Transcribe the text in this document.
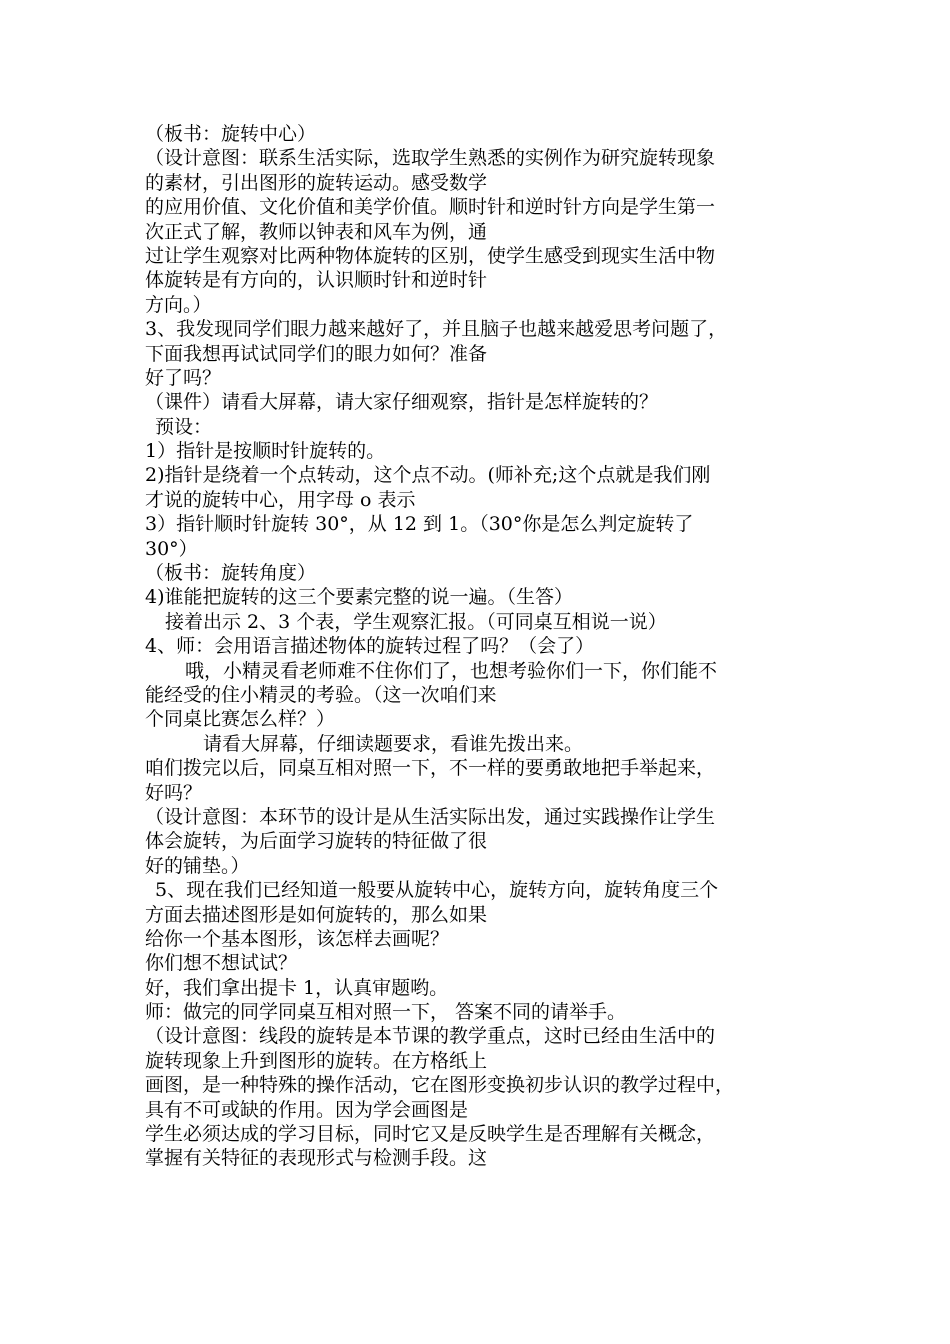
（板书：旋转中心）
（设计意图：联系生活实际，选取学生熟悉的实例作为研究旋转现象
的素材，引出图形的旋转运动。感受数学
的应用价值、文化价值和美学价值。顺时针和逆时针方向是学生第一
次正式了解，教师以钟表和风车为例，通
过让学生观察对比两种物体旋转的区别，使学生感受到现实生活中物
体旋转是有方向的，认识顺时针和逆时针
方向。）
3、我发现同学们眼力越来越好了，并且脑子也越来越爱思考问题了，
下面我想再试试同学们的眼力如何？准备
好了吗？
（课件）请看大屏幕，请大家仔细观察，指针是怎样旋转的？
预设：
1）指针是按顺时针旋转的。
2)指针是绕着一个点转动，这个点不动。(师补充;这个点就是我们刚
才说的旋转中心，用字母 o 表示
3）指针顺时针旋转 30°，从 12 到 1。（30°你是怎么判定旋转了
30°）
（板书：旋转角度）
4)谁能把旋转的这三个要素完整的说一遍。（生答）
接着出示 2、3 个表，学生观察汇报。（可同桌互相说一说）
4、师：会用语言描述物体的旋转过程了吗？（会了）
哦，小精灵看老师难不住你们了，也想考验你们一下，你们能不
能经受的住小精灵的考验。（这一次咱们来
个同桌比赛怎么样？）
请看大屏幕，仔细读题要求，看谁先拨出来。
咱们拨完以后，同桌互相对照一下，不一样的要勇敢地把手举起来，
好吗？
（设计意图：本环节的设计是从生活实际出发，通过实践操作让学生
体会旋转，为后面学习旋转的特征做了很
好的铺垫。）
5、现在我们已经知道一般要从旋转中心，旋转方向，旋转角度三个
方面去描述图形是如何旋转的，那么如果
给你一个基本图形，该怎样去画呢？
你们想不想试试？
好，我们拿出提卡 1，认真审题哟。
师：做完的同学同桌互相对照一下， 答案不同的请举手。
（设计意图：线段的旋转是本节课的教学重点，这时已经由生活中的
旋转现象上升到图形的旋转。在方格纸上
画图，是一种特殊的操作活动，它在图形变换初步认识的教学过程中，
具有不可或缺的作用。因为学会画图是
学生必须达成的学习目标，同时它又是反映学生是否理解有关概念，
掌握有关特征的表现形式与检测手段。这
